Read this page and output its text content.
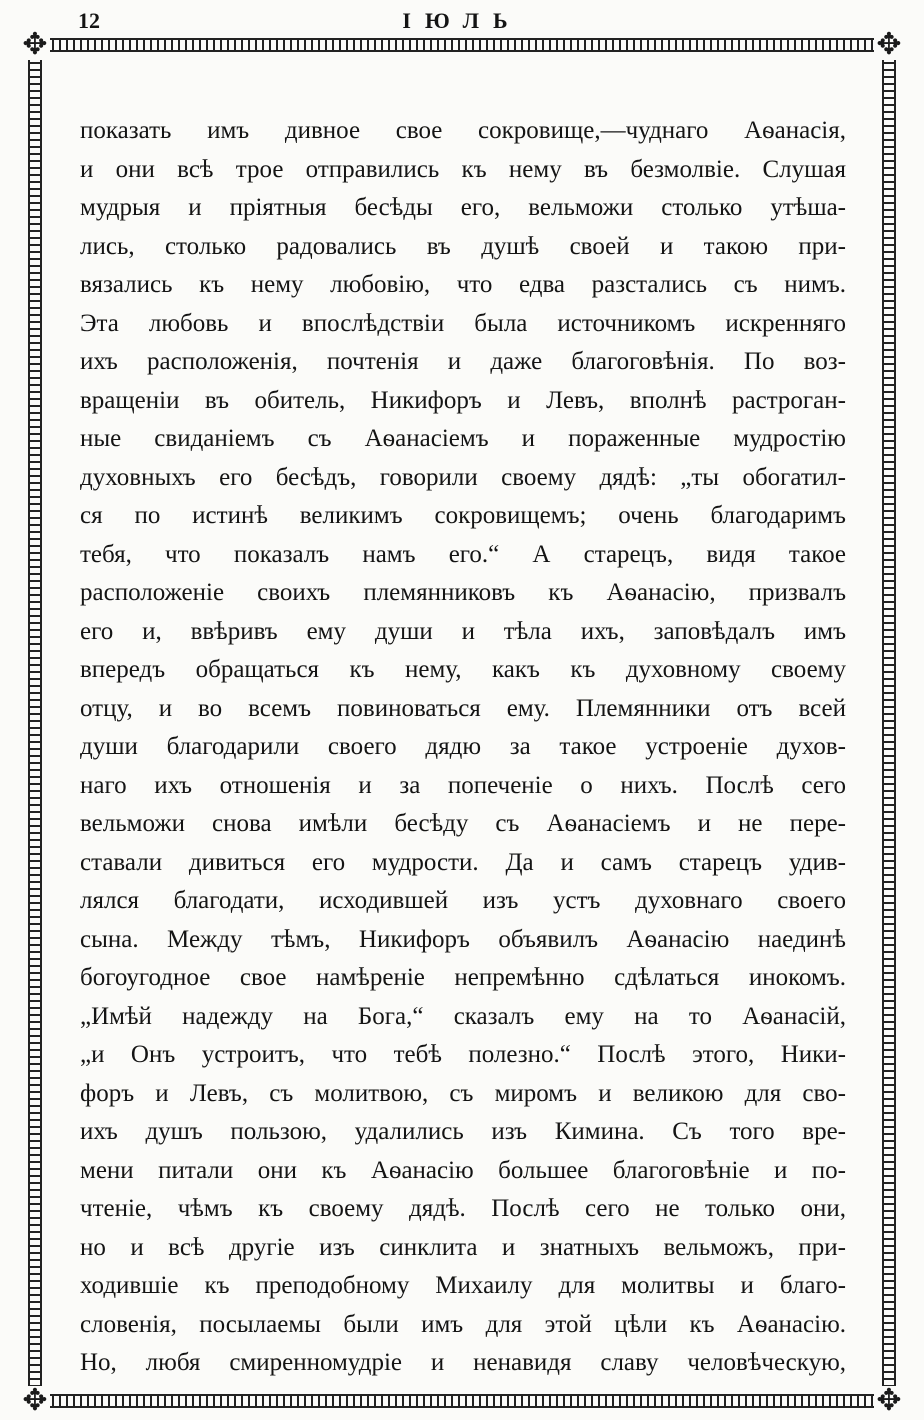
12	ІЮЛЬ
✥	✥
✥	✥
показать имъ дивное свое сокровище,—чуднаго Аѳанасія,
и они всѣ трое отправились къ нему въ безмолвіе. Слушая
мудрыя и пріятныя бесѣды его, вельможи столько утѣша-
лись, столько радовались въ душѣ своей и такою при-
вязались къ нему любовію, что едва разстались съ нимъ.
Эта любовь и впослѣдствіи была источникомъ искренняго
ихъ расположенія, почтенія и даже благоговѣнія. По воз-
вращеніи въ обитель, Никифоръ и Левъ, вполнѣ растроган-
ные свиданіемъ съ Аѳанасіемъ и пораженные мудростію
духовныхъ его бесѣдъ, говорили своему дядѣ: „ты обогатил-
ся по истинѣ великимъ сокровищемъ; очень благодаримъ
тебя, что показалъ намъ его.“ А старецъ, видя такое
расположеніе своихъ племянниковъ къ Аѳанасію, призвалъ
его и, ввѣривъ ему души и тѣла ихъ, заповѣдалъ имъ
впередъ обращаться къ нему, какъ къ духовному своему
отцу, и во всемъ повиноваться ему. Племянники отъ всей
души благодарили своего дядю за такое устроеніе духов-
наго ихъ отношенія и за попеченіе о нихъ. Послѣ сего
вельможи снова имѣли бесѣду съ Аѳанасіемъ и не пере-
ставали дивиться его мудрости. Да и самъ старецъ удив-
лялся благодати, исходившей изъ устъ духовнаго своего
сына. Между тѣмъ, Никифоръ объявилъ Аѳанасію наединѣ
богоугодное свое намѣреніе непремѣнно сдѣлаться инокомъ.
„Имѣй надежду на Бога,“ сказалъ ему на то Аѳанасій,
„и Онъ устроитъ, что тебѣ полезно.“ Послѣ этого, Ники-
форъ и Левъ, съ молитвою, съ миромъ и великою для сво-
ихъ душъ пользою, удалились изъ Кимина. Съ того вре-
мени питали они къ Аѳанасію большее благоговѣніе и по-
чтеніе, чѣмъ къ своему дядѣ. Послѣ сего не только они,
но и всѣ другіе изъ синклита и знатныхъ вельможъ, при-
ходившіе къ преподобному Михаилу для молитвы и благо-
словенія, посылаемы были имъ для этой цѣли къ Аѳанасію.
Но, любя смиренномудріе и ненавидя славу человѣческую,
